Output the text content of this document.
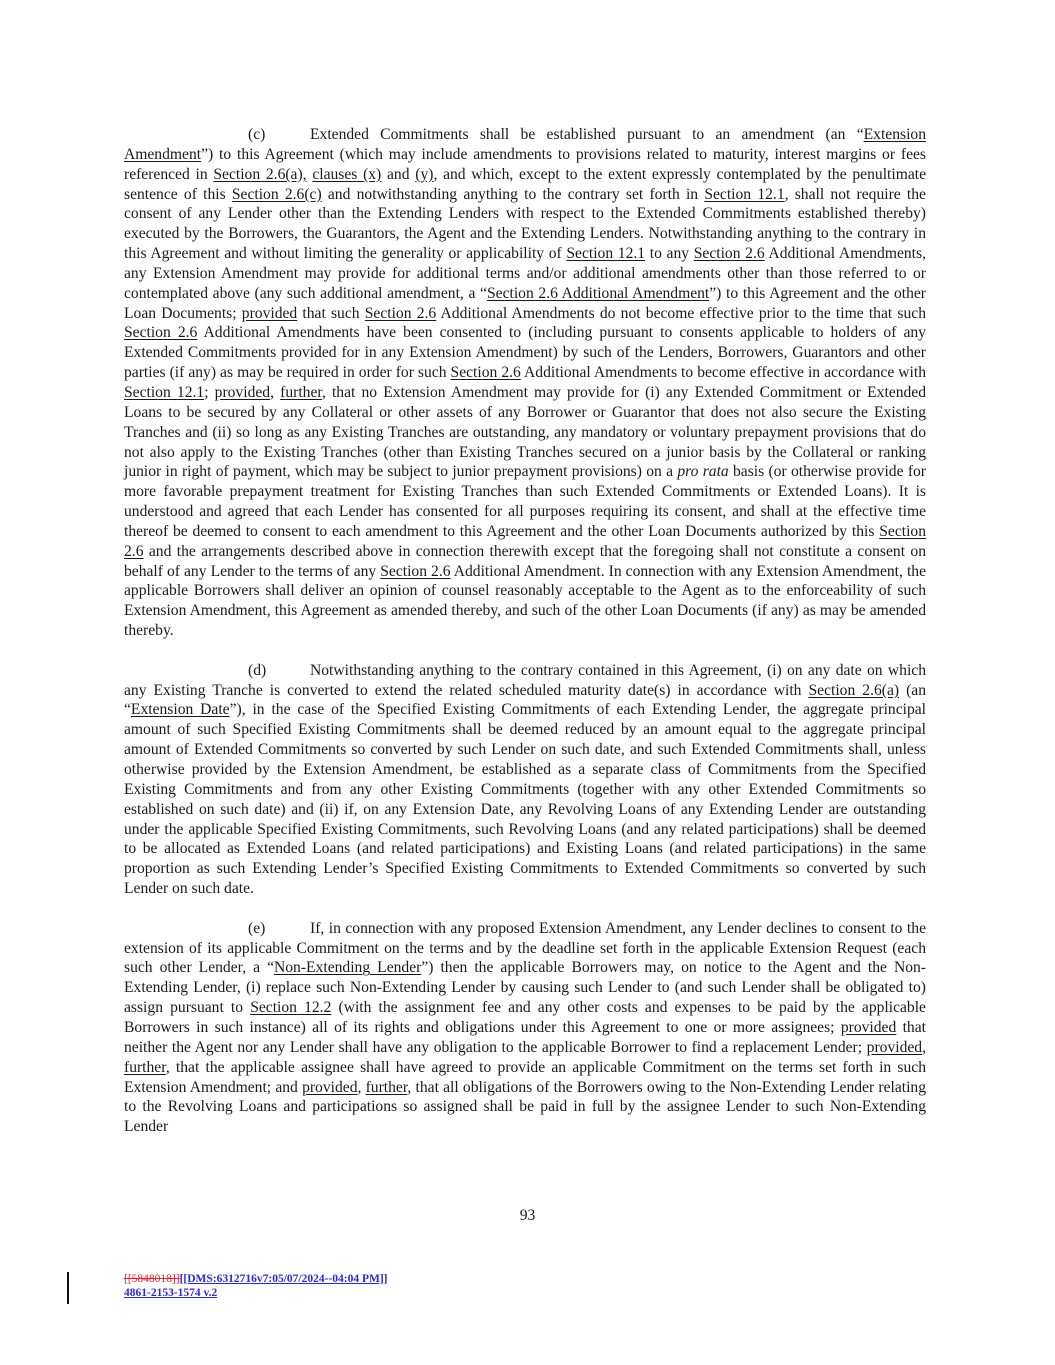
(c)	Extended Commitments shall be established pursuant to an amendment (an “Extension Amendment”) to this Agreement (which may include amendments to provisions related to maturity, interest margins or fees referenced in Section 2.6(a), clauses (x) and (y), and which, except to the extent expressly contemplated by the penultimate sentence of this Section 2.6(c) and notwithstanding anything to the contrary set forth in Section 12.1, shall not require the consent of any Lender other than the Extending Lenders with respect to the Extended Commitments established thereby) executed by the Borrowers, the Guarantors, the Agent and the Extending Lenders. Notwithstanding anything to the contrary in this Agreement and without limiting the generality or applicability of Section 12.1 to any Section 2.6 Additional Amendments, any Extension Amendment may provide for additional terms and/or additional amendments other than those referred to or contemplated above (any such additional amendment, a “Section 2.6 Additional Amendment”) to this Agreement and the other Loan Documents; provided that such Section 2.6 Additional Amendments do not become effective prior to the time that such Section 2.6 Additional Amendments have been consented to (including pursuant to consents applicable to holders of any Extended Commitments provided for in any Extension Amendment) by such of the Lenders, Borrowers, Guarantors and other parties (if any) as may be required in order for such Section 2.6 Additional Amendments to become effective in accordance with Section 12.1; provided, further, that no Extension Amendment may provide for (i) any Extended Commitment or Extended Loans to be secured by any Collateral or other assets of any Borrower or Guarantor that does not also secure the Existing Tranches and (ii) so long as any Existing Tranches are outstanding, any mandatory or voluntary prepayment provisions that do not also apply to the Existing Tranches (other than Existing Tranches secured on a junior basis by the Collateral or ranking junior in right of payment, which may be subject to junior prepayment provisions) on a pro rata basis (or otherwise provide for more favorable prepayment treatment for Existing Tranches than such Extended Commitments or Extended Loans). It is understood and agreed that each Lender has consented for all purposes requiring its consent, and shall at the effective time thereof be deemed to consent to each amendment to this Agreement and the other Loan Documents authorized by this Section 2.6 and the arrangements described above in connection therewith except that the foregoing shall not constitute a consent on behalf of any Lender to the terms of any Section 2.6 Additional Amendment. In connection with any Extension Amendment, the applicable Borrowers shall deliver an opinion of counsel reasonably acceptable to the Agent as to the enforceability of such Extension Amendment, this Agreement as amended thereby, and such of the other Loan Documents (if any) as may be amended thereby.

(d)	Notwithstanding anything to the contrary contained in this Agreement, (i) on any date on which any Existing Tranche is converted to extend the related scheduled maturity date(s) in accordance with Section 2.6(a) (an “Extension Date”), in the case of the Specified Existing Commitments of each Extending Lender, the aggregate principal amount of such Specified Existing Commitments shall be deemed reduced by an amount equal to the aggregate principal amount of Extended Commitments so converted by such Lender on such date, and such Extended Commitments shall, unless otherwise provided by the Extension Amendment, be established as a separate class of Commitments from the Specified Existing Commitments and from any other Existing Commitments (together with any other Extended Commitments so established on such date) and (ii) if, on any Extension Date, any Revolving Loans of any Extending Lender are outstanding under the applicable Specified Existing Commitments, such Revolving Loans (and any related participations) shall be deemed to be allocated as Extended Loans (and related participations) and Existing Loans (and related participations) in the same proportion as such Extending Lender’s Specified Existing Commitments to Extended Commitments so converted by such Lender on such date.

(e)	If, in connection with any proposed Extension Amendment, any Lender declines to consent to the extension of its applicable Commitment on the terms and by the deadline set forth in the applicable Extension Request (each such other Lender, a “Non-Extending Lender”) then the applicable Borrowers may, on notice to the Agent and the Non-Extending Lender, (i) replace such Non-Extending Lender by causing such Lender to (and such Lender shall be obligated to) assign pursuant to Section 12.2 (with the assignment fee and any other costs and expenses to be paid by the applicable Borrowers in such instance) all of its rights and obligations under this Agreement to one or more assignees; provided that neither the Agent nor any Lender shall have any obligation to the applicable Borrower to find a replacement Lender; provided, further, that the applicable assignee shall have agreed to provide an applicable Commitment on the terms set forth in such Extension Amendment; and provided, further, that all obligations of the Borrowers owing to the Non-Extending Lender relating to the Revolving Loans and participations so assigned shall be paid in full by the assignee Lender to such Non-Extending Lender

93
[[5848018]][[DMS:6312716v7:05/07/2024--04:04 PM]]
4861-2153-1574 v.2
